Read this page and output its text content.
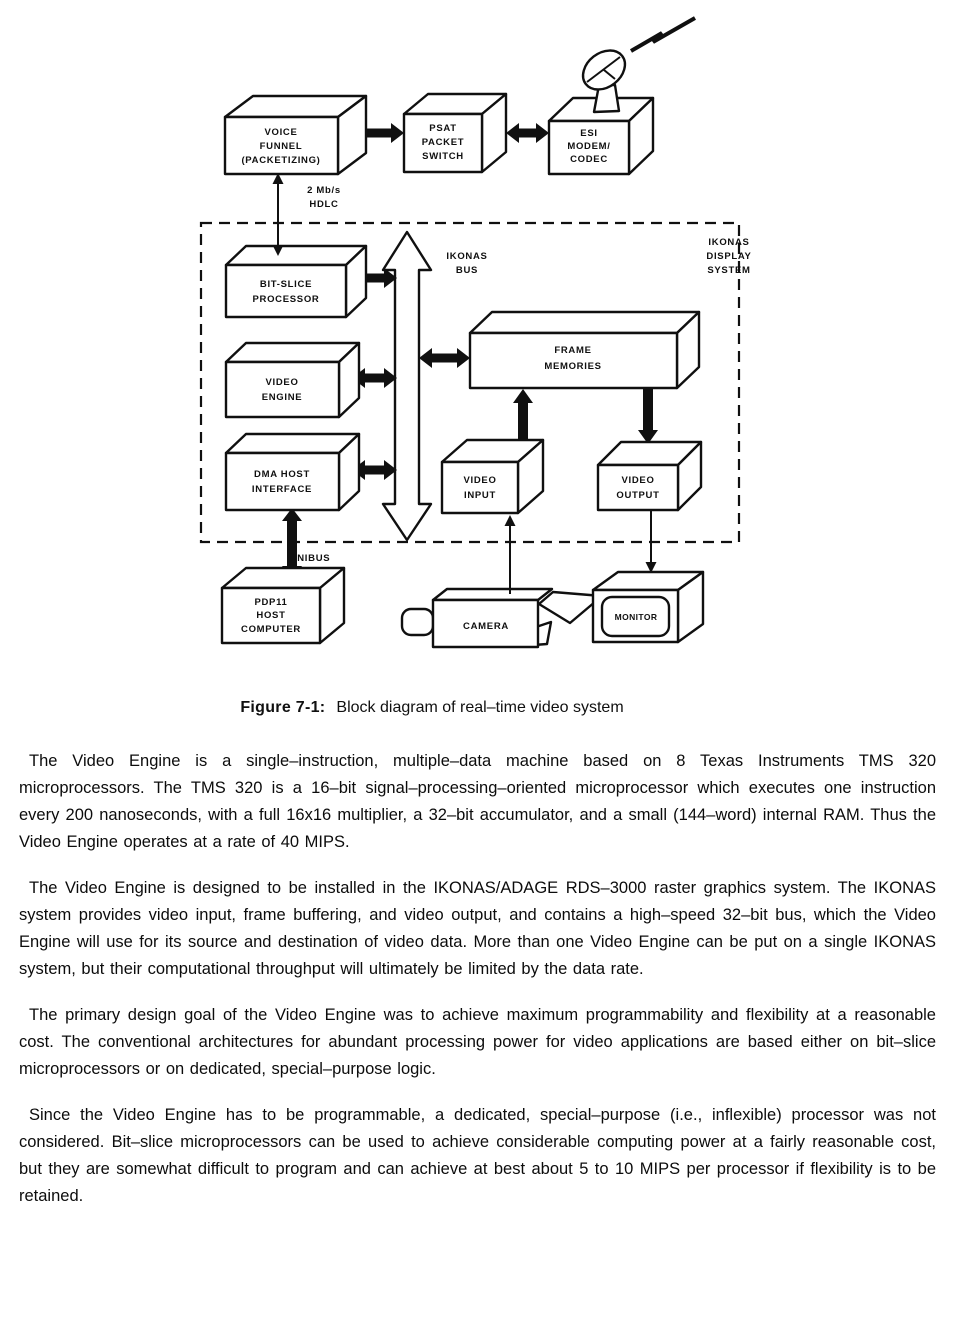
VOICE
FUNNEL
(PACKETIZING)
PSAT
PACKET
SWITCH
ESI
MODEM/
CODEC
BIT-SLICE
PROCESSOR
VIDEO
ENGINE
DMA HOST
INTERFACE
FRAME
MEMORIES
VIDEO
INPUT
VIDEO
OUTPUT
PDP11
HOST
COMPUTER	CAMERA
MONITOR
2 Mb/s
HDLC
IKONAS
BUS
IKONAS
DISPLAY
SYSTEM
UNIBUS
Figure 7-1: Block diagram of real–time video system

The Video Engine is a single–instruction, multiple–data machine based on 8 Texas Instruments TMS 320 microprocessors. The TMS 320 is a 16–bit signal–processing–oriented microprocessor which executes one instruction every 200 nanoseconds, with a full 16x16 multiplier, a 32–bit accumulator, and a small (144–word) internal RAM. Thus the Video Engine operates at a rate of 40 MIPS.

The Video Engine is designed to be installed in the IKONAS/ADAGE RDS–3000 raster graphics system. The IKONAS system provides video input, frame buffering, and video output, and contains a high–speed 32–bit bus, which the Video Engine will use for its source and destination of video data. More than one Video Engine can be put on a single IKONAS system, but their computational throughput will ultimately be limited by the data rate.

The primary design goal of the Video Engine was to achieve maximum programmability and flexibility at a reasonable cost. The conventional architectures for abundant processing power for video applications are based either on bit–slice microprocessors or on dedicated, special–purpose logic.

Since the Video Engine has to be programmable, a dedicated, special–purpose (i.e., inflexible) processor was not considered. Bit–slice microprocessors can be used to achieve considerable computing power at a fairly reasonable cost, but they are somewhat difficult to program and can achieve at best about 5 to 10 MIPS per processor if flexibility is to be retained.
